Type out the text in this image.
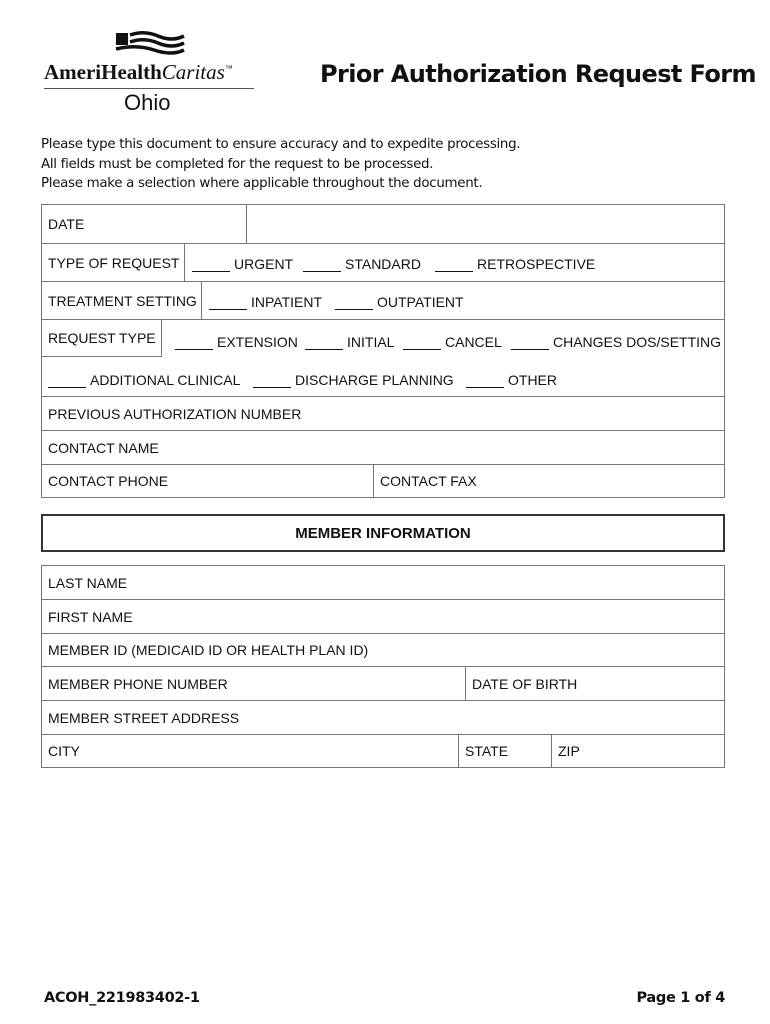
AmeriHealthCaritas™
Ohio
Prior Authorization Request Form
Please type this document to ensure accuracy and to expedite processing.
All fields must be completed for the request to be processed.
Please make a selection where applicable throughout the document.
DATE
TYPE OF REQUEST	URGENT	STANDARD	RETROSPECTIVE
TREATMENT SETTING	INPATIENT	OUTPATIENT
REQUEST TYPE	EXTENSION	INITIAL	CANCEL	CHANGES DOS/SETTING
ADDITIONAL CLINICAL	DISCHARGE PLANNING	OTHER
PREVIOUS AUTHORIZATION NUMBER
CONTACT NAME
CONTACT PHONE	CONTACT FAX
MEMBER INFORMATION
LAST NAME
FIRST NAME
MEMBER ID (MEDICAID ID OR HEALTH PLAN ID)
MEMBER PHONE NUMBER	DATE OF BIRTH
MEMBER STREET ADDRESS
CITY	STATE	ZIP
ACOH_221983402-1	Page 1 of 4
